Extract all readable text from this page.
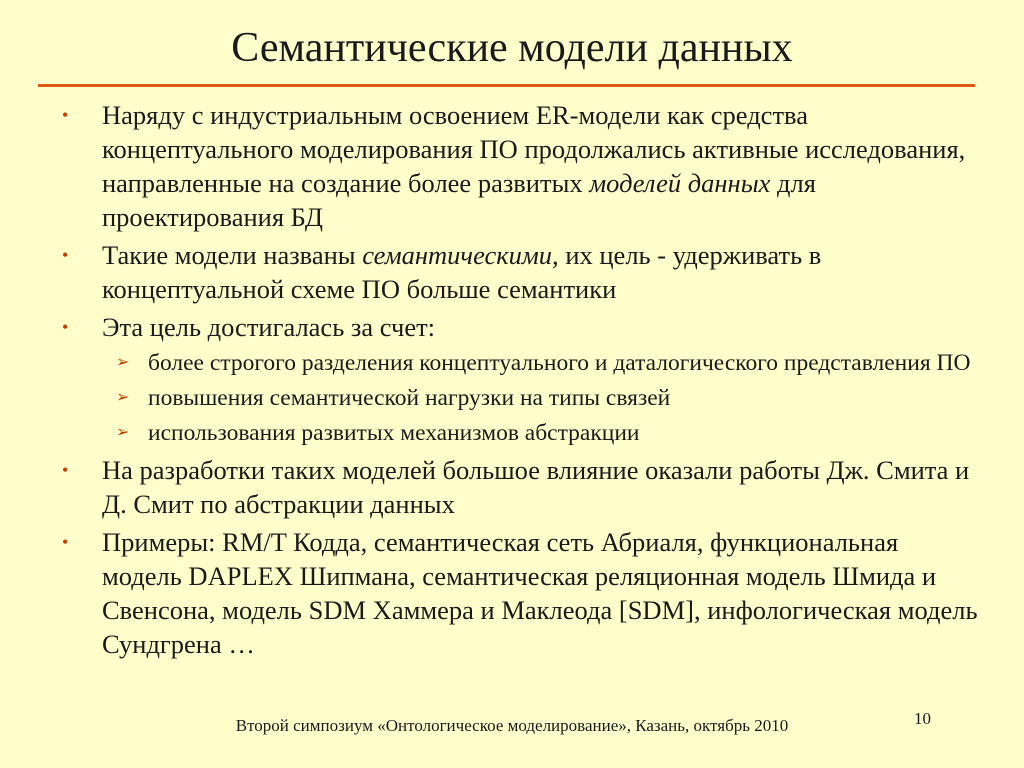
Семантические модели данных
• Наряду с индустриальным освоением ER-модели как средства концептуального моделирования ПО продолжались активные исследования, направленные на создание более развитых моделей данных для проектирования БД
• Такие модели названы семантическими, их цель - удерживать в концептуальной схеме ПО больше семантики
• Эта цель достигалась за счет:
➢ более строгого разделения концептуального и даталогического представления ПО
➢ повышения семантической нагрузки на типы связей
➢ использования развитых механизмов абстракции
• На разработки таких моделей большое влияние оказали работы Дж. Смита и Д. Смит по абстракции данных
• Примеры: RM/T Кодда, семантическая сеть Абриаля, функциональная модель DAPLEX Шипмана, семантическая реляционная модель Шмида и Свенсона, модель SDM Хаммера и Маклеода [SDM], инфологическая модель Сундгрена …
Второй симпозиум «Онтологическое моделирование», Казань, октябрь 2010	10
